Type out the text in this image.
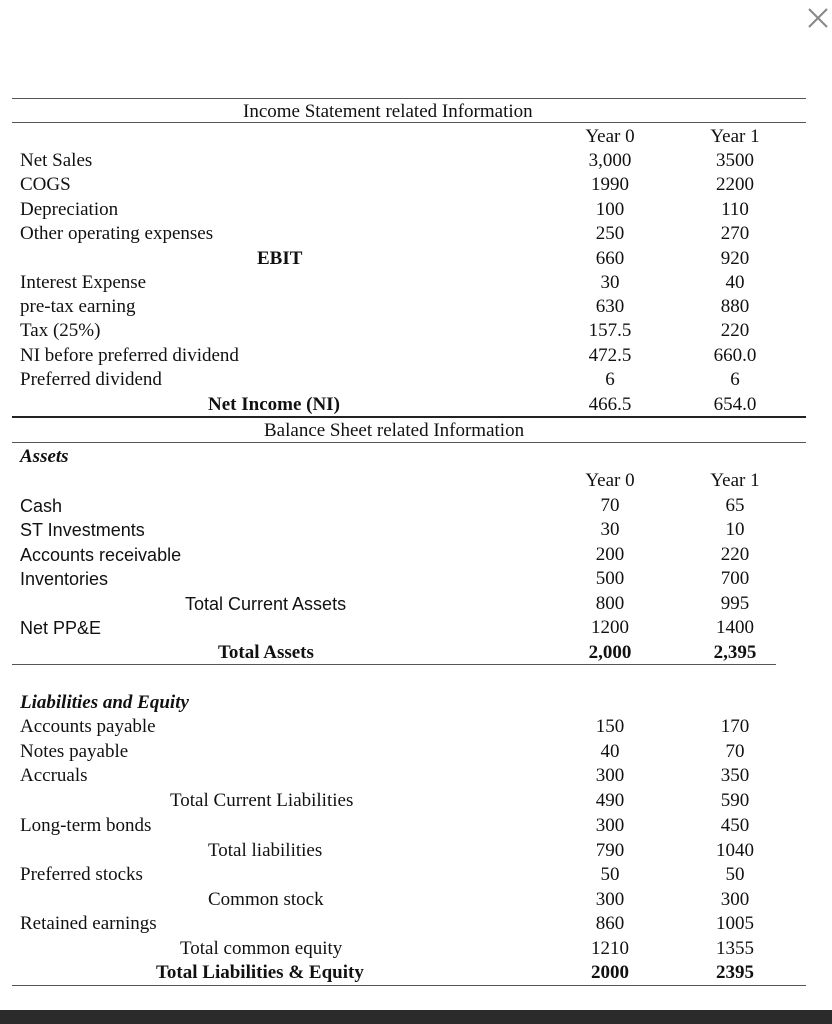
Income Statement related Information
Year 0	Year 1
Net Sales	3,000	3500
COGS	1990	2200
Depreciation	100	110
Other operating expenses	250	270
EBIT	660	920
Interest Expense	30	40
pre-tax earning	630	880
Tax (25%)	157.5	220
NI before preferred dividend	472.5	660.0
Preferred dividend	6	6
Net Income (NI)	466.5	654.0
Balance Sheet related Information
Assets
Year 0	Year 1
Cash	70	65
ST Investments	30	10
Accounts receivable	200	220
Inventories	500	700
Total Current Assets	800	995
Net PP&E	1200	1400
Total Assets	2,000	2,395
Liabilities and Equity
Accounts payable	150	170
Notes payable	40	70
Accruals	300	350
Total Current Liabilities	490	590
Long-term bonds	300	450
Total liabilities	790	1040
Preferred stocks	50	50
Common stock	300	300
Retained earnings	860	1005
Total common equity	1210	1355
Total Liabilities & Equity	2000	2395
